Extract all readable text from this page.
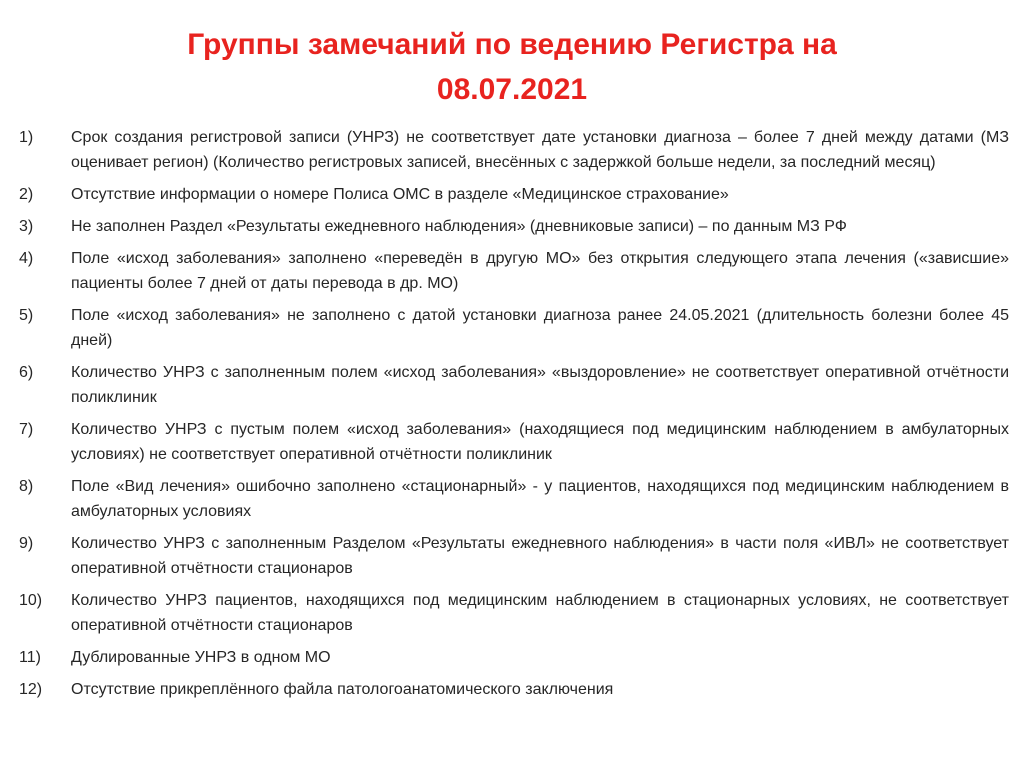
Группы замечаний по ведению Регистра на
08.07.2021
1)	Срок создания регистровой записи (УНРЗ) не соответствует дате установки диагноза – более 7 дней между датами (МЗ оценивает регион) (Количество регистровых записей, внесённых с задержкой больше недели, за последний месяц)
2)	Отсутствие информации о номере Полиса ОМС в разделе «Медицинское страхование»
3)	Не заполнен Раздел «Результаты ежедневного наблюдения» (дневниковые записи) – по данным МЗ РФ
4)	Поле «исход заболевания» заполнено «переведён в другую МО» без открытия следующего этапа лечения («зависшие» пациенты более 7 дней от даты перевода в др. МО)
5)	Поле «исход заболевания» не заполнено с датой установки диагноза ранее 24.05.2021 (длительность болезни более 45 дней)
6)	Количество УНРЗ с заполненным полем «исход заболевания» «выздоровление» не соответствует оперативной отчётности поликлиник
7)	Количество УНРЗ с пустым полем «исход заболевания» (находящиеся под медицинским наблюдением в амбулаторных условиях) не соответствует оперативной отчётности поликлиник
8)	Поле «Вид лечения» ошибочно заполнено «стационарный» - у пациентов, находящихся под медицинским наблюдением в амбулаторных условиях
9)	Количество УНРЗ с заполненным Разделом «Результаты ежедневного наблюдения» в части поля «ИВЛ» не соответствует оперативной отчётности стационаров
10)	Количество УНРЗ пациентов, находящихся под медицинским наблюдением в стационарных условиях, не соответствует оперативной отчётности стационаров
11)	Дублированные УНРЗ в одном МО
12)	Отсутствие прикреплённого файла патологоанатомического заключения
